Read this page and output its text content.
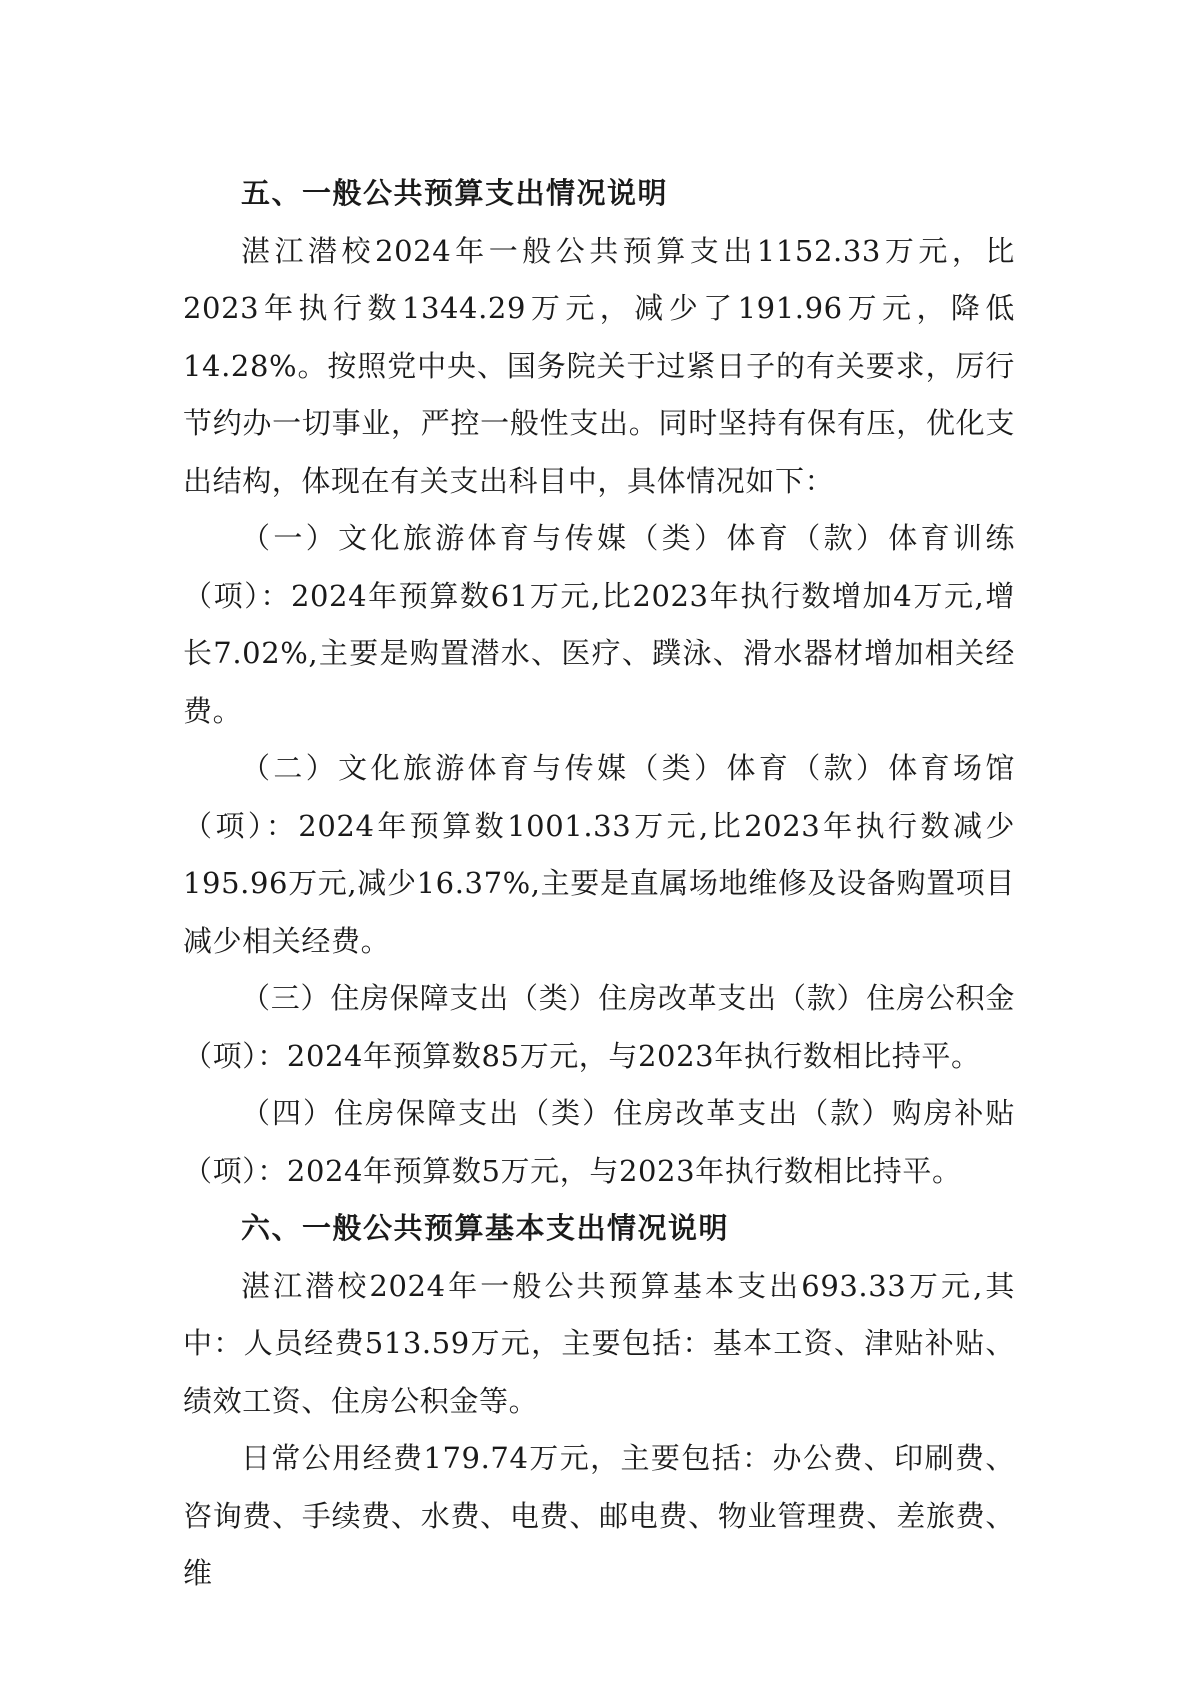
五、一般公共预算支出情况说明

湛江潜校2024年一般公共预算支出1152.33万元，比2023年执行数1344.29万元，减少了191.96万元，降低14.28%。按照党中央、国务院关于过紧日子的有关要求，厉行节约办一切事业，严控一般性支出。同时坚持有保有压，优化支出结构，体现在有关支出科目中，具体情况如下：

（一）文化旅游体育与传媒（类）体育（款）体育训练（项）：2024年预算数61万元,比2023年执行数增加4万元,增长7.02%,主要是购置潜水、医疗、蹼泳、滑水器材增加相关经费。

（二）文化旅游体育与传媒（类）体育（款）体育场馆（项）：2024年预算数1001.33万元,比2023年执行数减少195.96万元,减少16.37%,主要是直属场地维修及设备购置项目减少相关经费。

（三）住房保障支出（类）住房改革支出（款）住房公积金（项）：2024年预算数85万元，与2023年执行数相比持平。

（四）住房保障支出（类）住房改革支出（款）购房补贴（项）：2024年预算数5万元，与2023年执行数相比持平。

六、一般公共预算基本支出情况说明

湛江潜校2024年一般公共预算基本支出693.33万元,其中：人员经费513.59万元，主要包括：基本工资、津贴补贴、绩效工资、住房公积金等。

日常公用经费179.74万元，主要包括：办公费、印刷费、咨询费、手续费、水费、电费、邮电费、物业管理费、差旅费、维
